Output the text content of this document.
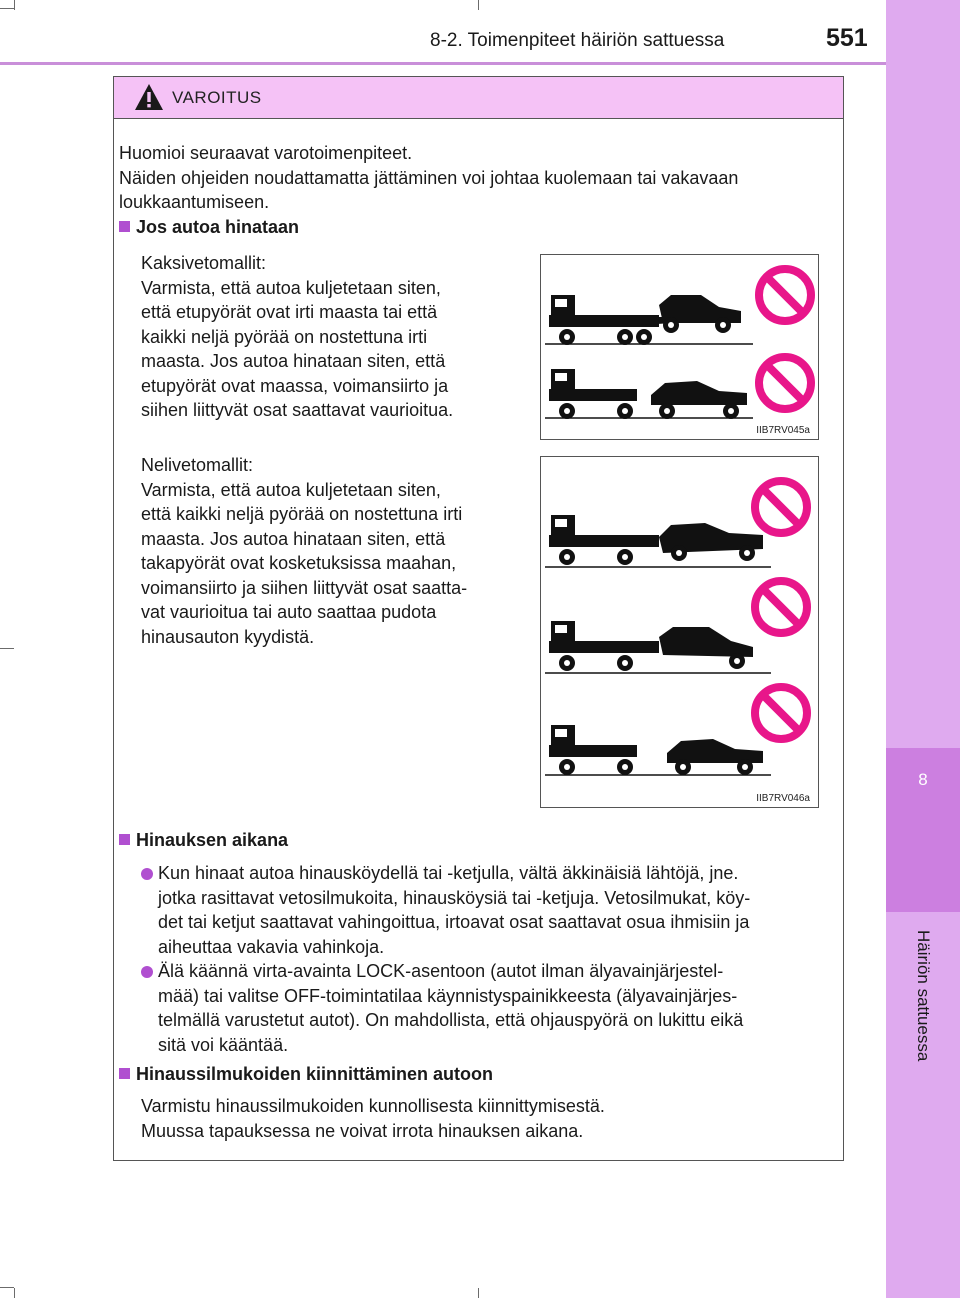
8-2. Toimenpiteet häiriön sattuessa	551
8
Häiriön sattuessa
VAROITUS
Huomioi seuraavat varotoimenpiteet.
Näiden ohjeiden noudattamatta jättäminen voi johtaa kuolemaan tai vakavaan
loukkaantumiseen.
Jos autoa hinataan
Kaksivetomallit:
Varmista, että autoa kuljetetaan siten,
että etupyörät ovat irti maasta tai että
kaikki neljä pyörää on nostettuna irti
maasta. Jos autoa hinataan siten, että
etupyörät ovat maassa, voimansiirto ja
siihen liittyvät osat saattavat vaurioitua.
Nelivetomallit:
Varmista, että autoa kuljetetaan siten,
että kaikki neljä pyörää on nostettuna irti
maasta. Jos autoa hinataan siten, että
takapyörät ovat kosketuksissa maahan,
voimansiirto ja siihen liittyvät osat saatta-
vat vaurioitua tai auto saattaa pudota
hinausauton kyydistä.
Hinauksen aikana
Kun hinaat autoa hinausköydellä tai -ketjulla, vältä äkkinäisiä lähtöjä, jne.
jotka rasittavat vetosilmukoita, hinausköysiä tai -ketjuja. Vetosilmukat, köy-
det tai ketjut saattavat vahingoittua, irtoavat osat saattavat osua ihmisiin ja
aiheuttaa vakavia vahinkoja.
Älä käännä virta-avainta LOCK-asentoon (autot ilman älyavainjärjestel-
mää) tai valitse OFF-toimintatilaa käynnistyspainikkeesta (älyavainjärjes-
telmällä varustetut autot). On mahdollista, että ohjauspyörä on lukittu eikä
sitä voi kääntää.
Hinaussilmukoiden kiinnittäminen autoon
Varmistu hinaussilmukoiden kunnollisesta kiinnittymisestä.
Muussa tapauksessa ne voivat irrota hinauksen aikana.
IIB7RV045a
IIB7RV046a
